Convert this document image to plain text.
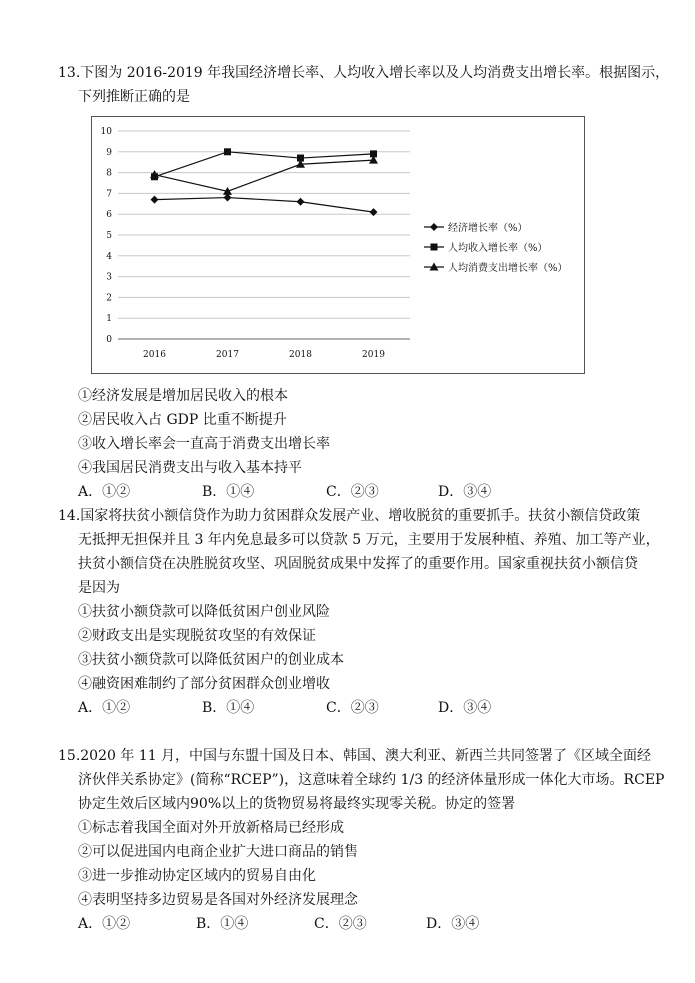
13.下图为 2016-2019 年我国经济增长率、人均收入增长率以及人均消费支出增长率。根据图示，
下列推断正确的是
0
1
2
3
4
5
6
7
8
9
10
2016	2017	2018	2019
经济增长率（%）
人均收入增长率（%）
人均消费支出增长率（%）
①经济发展是增加居民收入的根本
②居民收入占 GDP 比重不断提升
③收入增长率会一直高于消费支出增长率
④我国居民消费支出与收入基本持平
A．①②	B．①④	C．②③	D．③④
14.国家将扶贫小额信贷作为助力贫困群众发展产业、增收脱贫的重要抓手。扶贫小额信贷政策
无抵押无担保并且 3 年内免息最多可以贷款 5 万元，主要用于发展种植、养殖、加工等产业，
扶贫小额信贷在决胜脱贫攻坚、巩固脱贫成果中发挥了的重要作用。国家重视扶贫小额信贷
是因为
①扶贫小额贷款可以降低贫困户创业风险
②财政支出是实现脱贫攻坚的有效保证
③扶贫小额贷款可以降低贫困户的创业成本
④融资困难制约了部分贫困群众创业增收
A．①②	B．①④	C．②③	D．③④
15.2020 年 11 月，中国与东盟十国及日本、韩国、澳大利亚、新西兰共同签署了《区域全面经
济伙伴关系协定》(简称“RCEP”)，这意味着全球约 1/3 的经济体量形成一体化大市场。RCEP
协定生效后区域内90%以上的货物贸易将最终实现零关税。协定的签署
①标志着我国全面对外开放新格局已经形成
②可以促进国内电商企业扩大进口商品的销售
③进一步推动协定区域内的贸易自由化
④表明坚持多边贸易是各国对外经济发展理念
A．①②	B．①④	C．②③	D．③④
